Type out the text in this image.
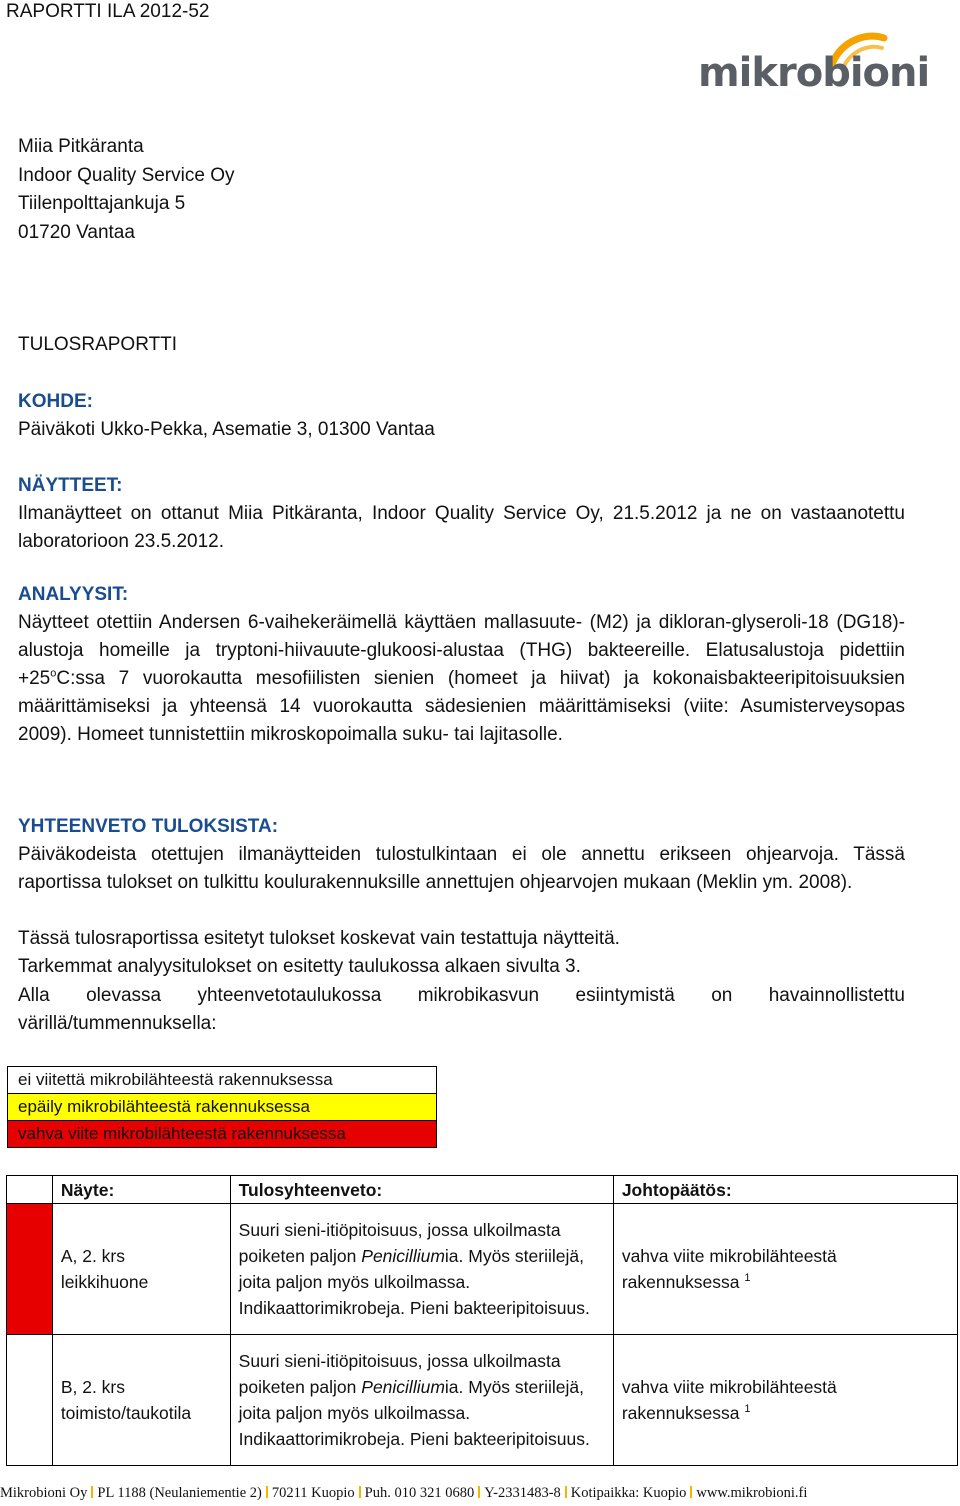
RAPORTTI ILA 2012-52
mikrobioni
Miia Pitkäranta
Indoor Quality Service Oy
Tiilenpolttajankuja 5
01720 Vantaa
TULOSRAPORTTI
KOHDE:
Päiväkoti Ukko-Pekka, Asematie 3, 01300 Vantaa
NÄYTTEET:
Ilmanäytteet on ottanut Miia Pitkäranta, Indoor Quality Service Oy, 21.5.2012 ja ne on vastaanotettu laboratorioon 23.5.2012.
ANALYYSIT:
Näytteet otettiin Andersen 6-vaihekeräimellä käyttäen mallasuute- (M2) ja dikloran-glyseroli-18 (DG18)-alustoja homeille ja tryptoni-hiivauute-glukoosi-alustaa (THG) bakteereille. Elatusalustoja pidettiin $+25^oC:ssa$ 7 vuorokautta mesofiilisten sienien (homeet ja hiivat) ja kokonaisbakteeripitoisuuksien määrittämiseksi ja yhteensä 14 vuorokautta sädesienien määrittämiseksi (viite: Asumisterveysopas 2009). Homeet tunnistettiin mikroskopoimalla suku- tai lajitasolle.
YHTEENVETO TULOKSISTA:
Päiväkodeista otettujen ilmanäytteiden tulostulkintaan ei ole annettu erikseen ohjearvoja. Tässä raportissa tulokset on tulkittu koulurakennuksille annettujen ohjearvojen mukaan (Meklin ym. 2008).
Tässä tulosraportissa esitetyt tulokset koskevat vain testattuja näytteitä.
Tarkemmat analyysitulokset on esitetty taulukossa alkaen sivulta 3.
Alla olevassa yhteenvetotaulukossa mikrobikasvun esiintymistä on havainnollistettu värillä/tummennuksella:
ei viitettä mikrobilähteestä rakennuksessa
epäily mikrobilähteestä rakennuksessa
vahva viite mikrobilähteestä rakennuksessa
	Näyte:	Tulosyhteenveto:	Johtopäätös:

	A, 2. krs
leikkihuone	Suuri sieni-itiöpitoisuus, jossa ulkoilmasta poiketen paljon Penicilliumia. Myös steriilejä, joita paljon myös ulkoilmassa. Indikaattorimikrobeja. Pieni bakteeripitoisuus.	vahva viite mikrobilähteestä rakennuksessa $^1$

	B, 2. krs
toimisto/taukotila	Suuri sieni-itiöpitoisuus, jossa ulkoilmasta poiketen paljon Penicilliumia. Myös steriilejä, joita paljon myös ulkoilmassa. Indikaattorimikrobeja. Pieni bakteeripitoisuus.	vahva viite mikrobilähteestä rakennuksessa $^1$
Mikrobioni Oy PL 1188 (Neulaniementie 2) 70211 Kuopio Puh. 010 321 0680 Y-2331483-8 Kotipaikka: Kuopio www.mikrobioni.fi
